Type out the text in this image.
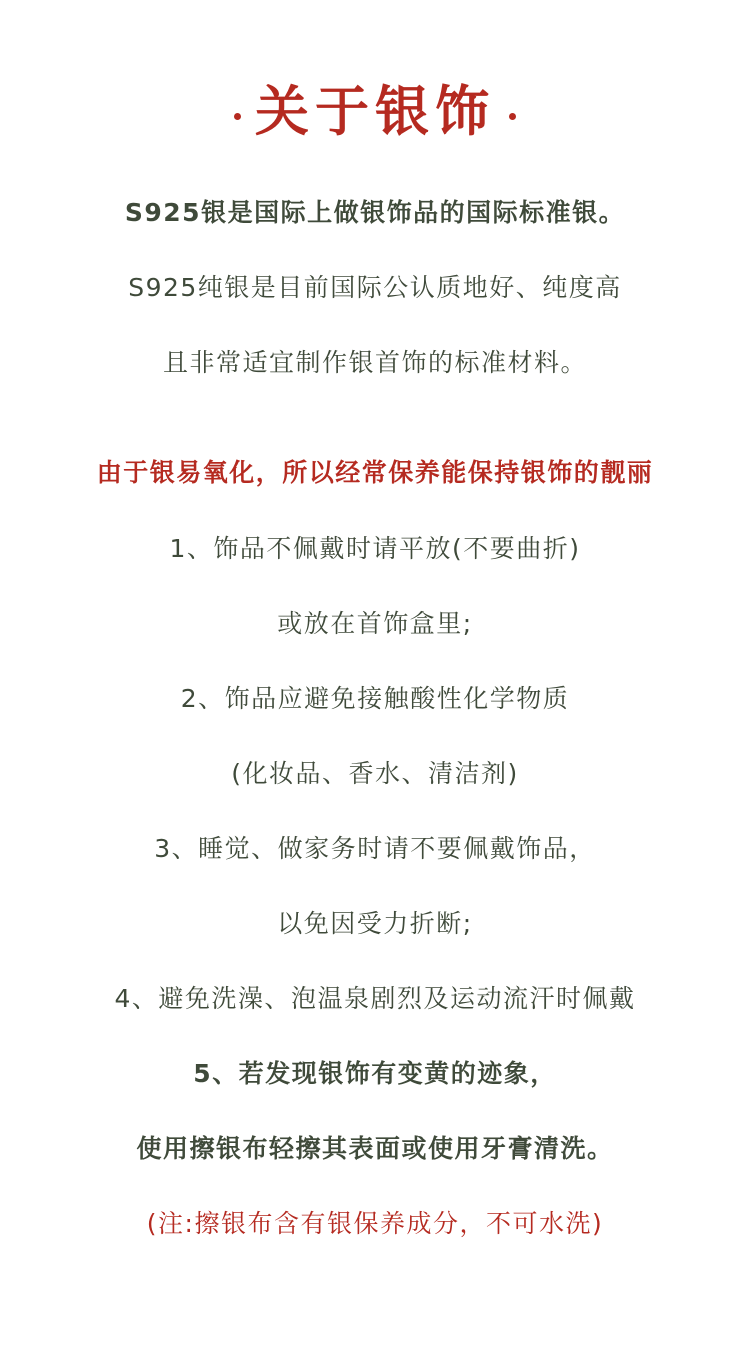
关于银饰
S925银是国际上做银饰品的国际标准银。
S925纯银是目前国际公认质地好、纯度高
且非常适宜制作银首饰的标准材料。
由于银易氧化，所以经常保养能保持银饰的靓丽
1、饰品不佩戴时请平放(不要曲折)
或放在首饰盒里;
2、饰品应避免接触酸性化学物质
(化妆品、香水、清洁剂)
3、睡觉、做家务时请不要佩戴饰品，
以免因受力折断;
4、避免洗澡、泡温泉剧烈及运动流汗时佩戴
5、若发现银饰有变黄的迹象，
使用擦银布轻擦其表面或使用牙膏清洗。
(注:擦银布含有银保养成分，不可水洗)
